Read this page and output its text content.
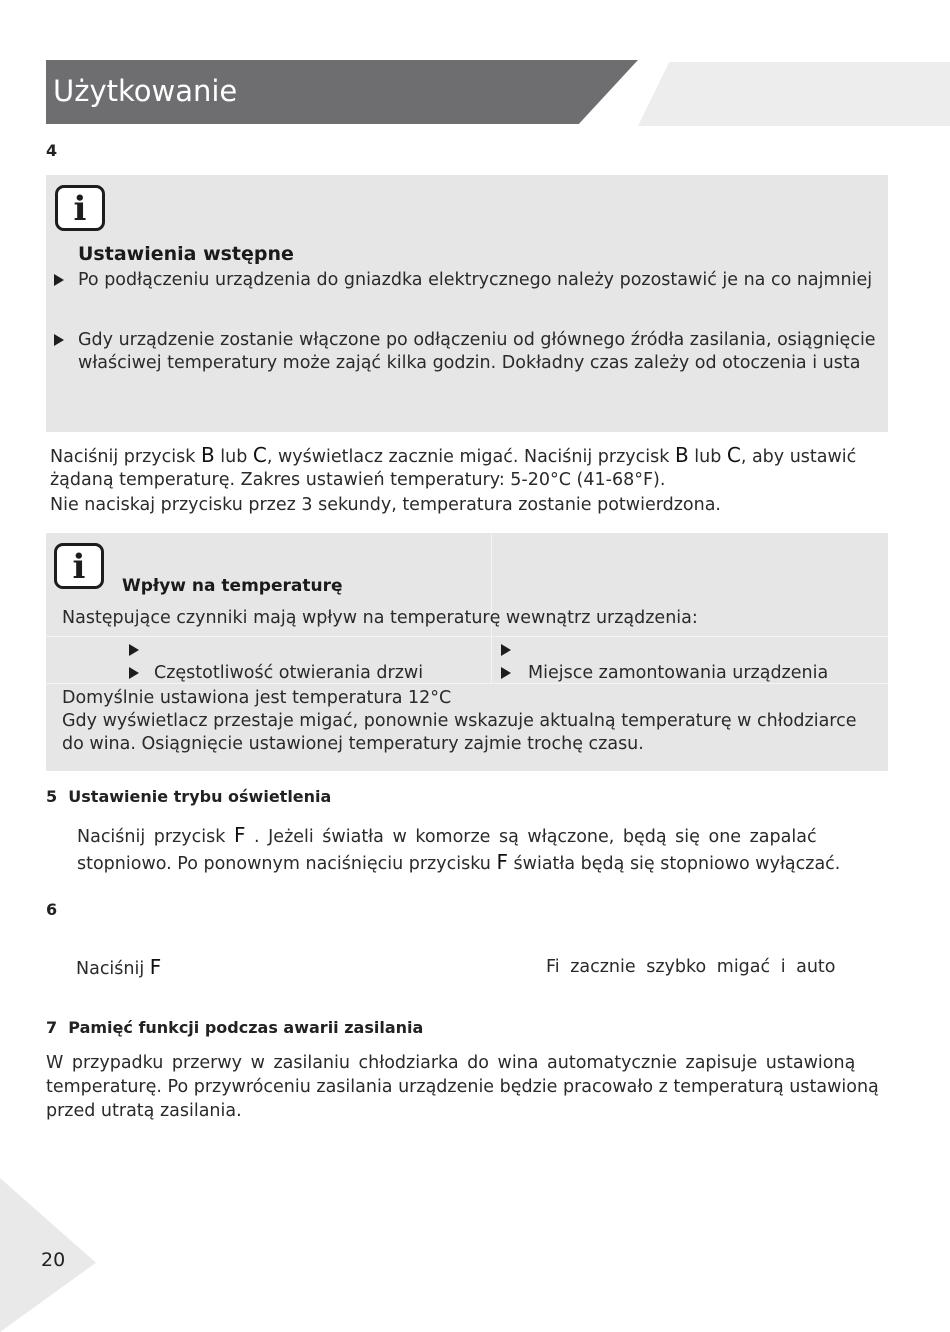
Użytkowanie
4
i
Ustawienia wstępne
Po podłączeniu urządzenia do gniazdka elektrycznego należy pozostawić je na co najmniej
Gdy urządzenie zostanie włączone po odłączeniu od głównego źródła zasilania, osiągnięcie
właściwej temperatury może zająć kilka godzin. Dokładny czas zależy od otoczenia i usta
Naciśnij przycisk B lub C, wyświetlacz zacznie migać. Naciśnij przycisk B lub C, aby ustawić
żądaną temperaturę. Zakres ustawień temperatury: 5-20°C (41-68°F).
Nie naciskaj przycisku przez 3 sekundy, temperatura zostanie potwierdzona.
i	Wpływ na temperaturę
Następujące czynniki mają wpływ na temperaturę wewnątrz urządzenia:
Częstotliwość otwierania drzwi	Miejsce zamontowania urządzenia
Domyślnie ustawiona jest temperatura 12°C
Gdy wyświetlacz przestaje migać, ponownie wskazuje aktualną temperaturę w chłodziarce
do wina. Osiągnięcie ustawionej temperatury zajmie trochę czasu.
5 Ustawienie trybu oświetlenia
Naciśnij przycisk F . Jeżeli światła w komorze są włączone, będą się one zapalać
stopniowo. Po ponownym naciśnięciu przycisku F światła będą się stopniowo wyłączać.
6
Naciśnij F	Fi zacznie szybko migać i auto
7 Pamięć funkcji podczas awarii zasilania
W przypadku przerwy w zasilaniu chłodziarka do wina automatycznie zapisuje ustawioną
temperaturę. Po przywróceniu zasilania urządzenie będzie pracowało z temperaturą ustawioną
przed utratą zasilania.
20
